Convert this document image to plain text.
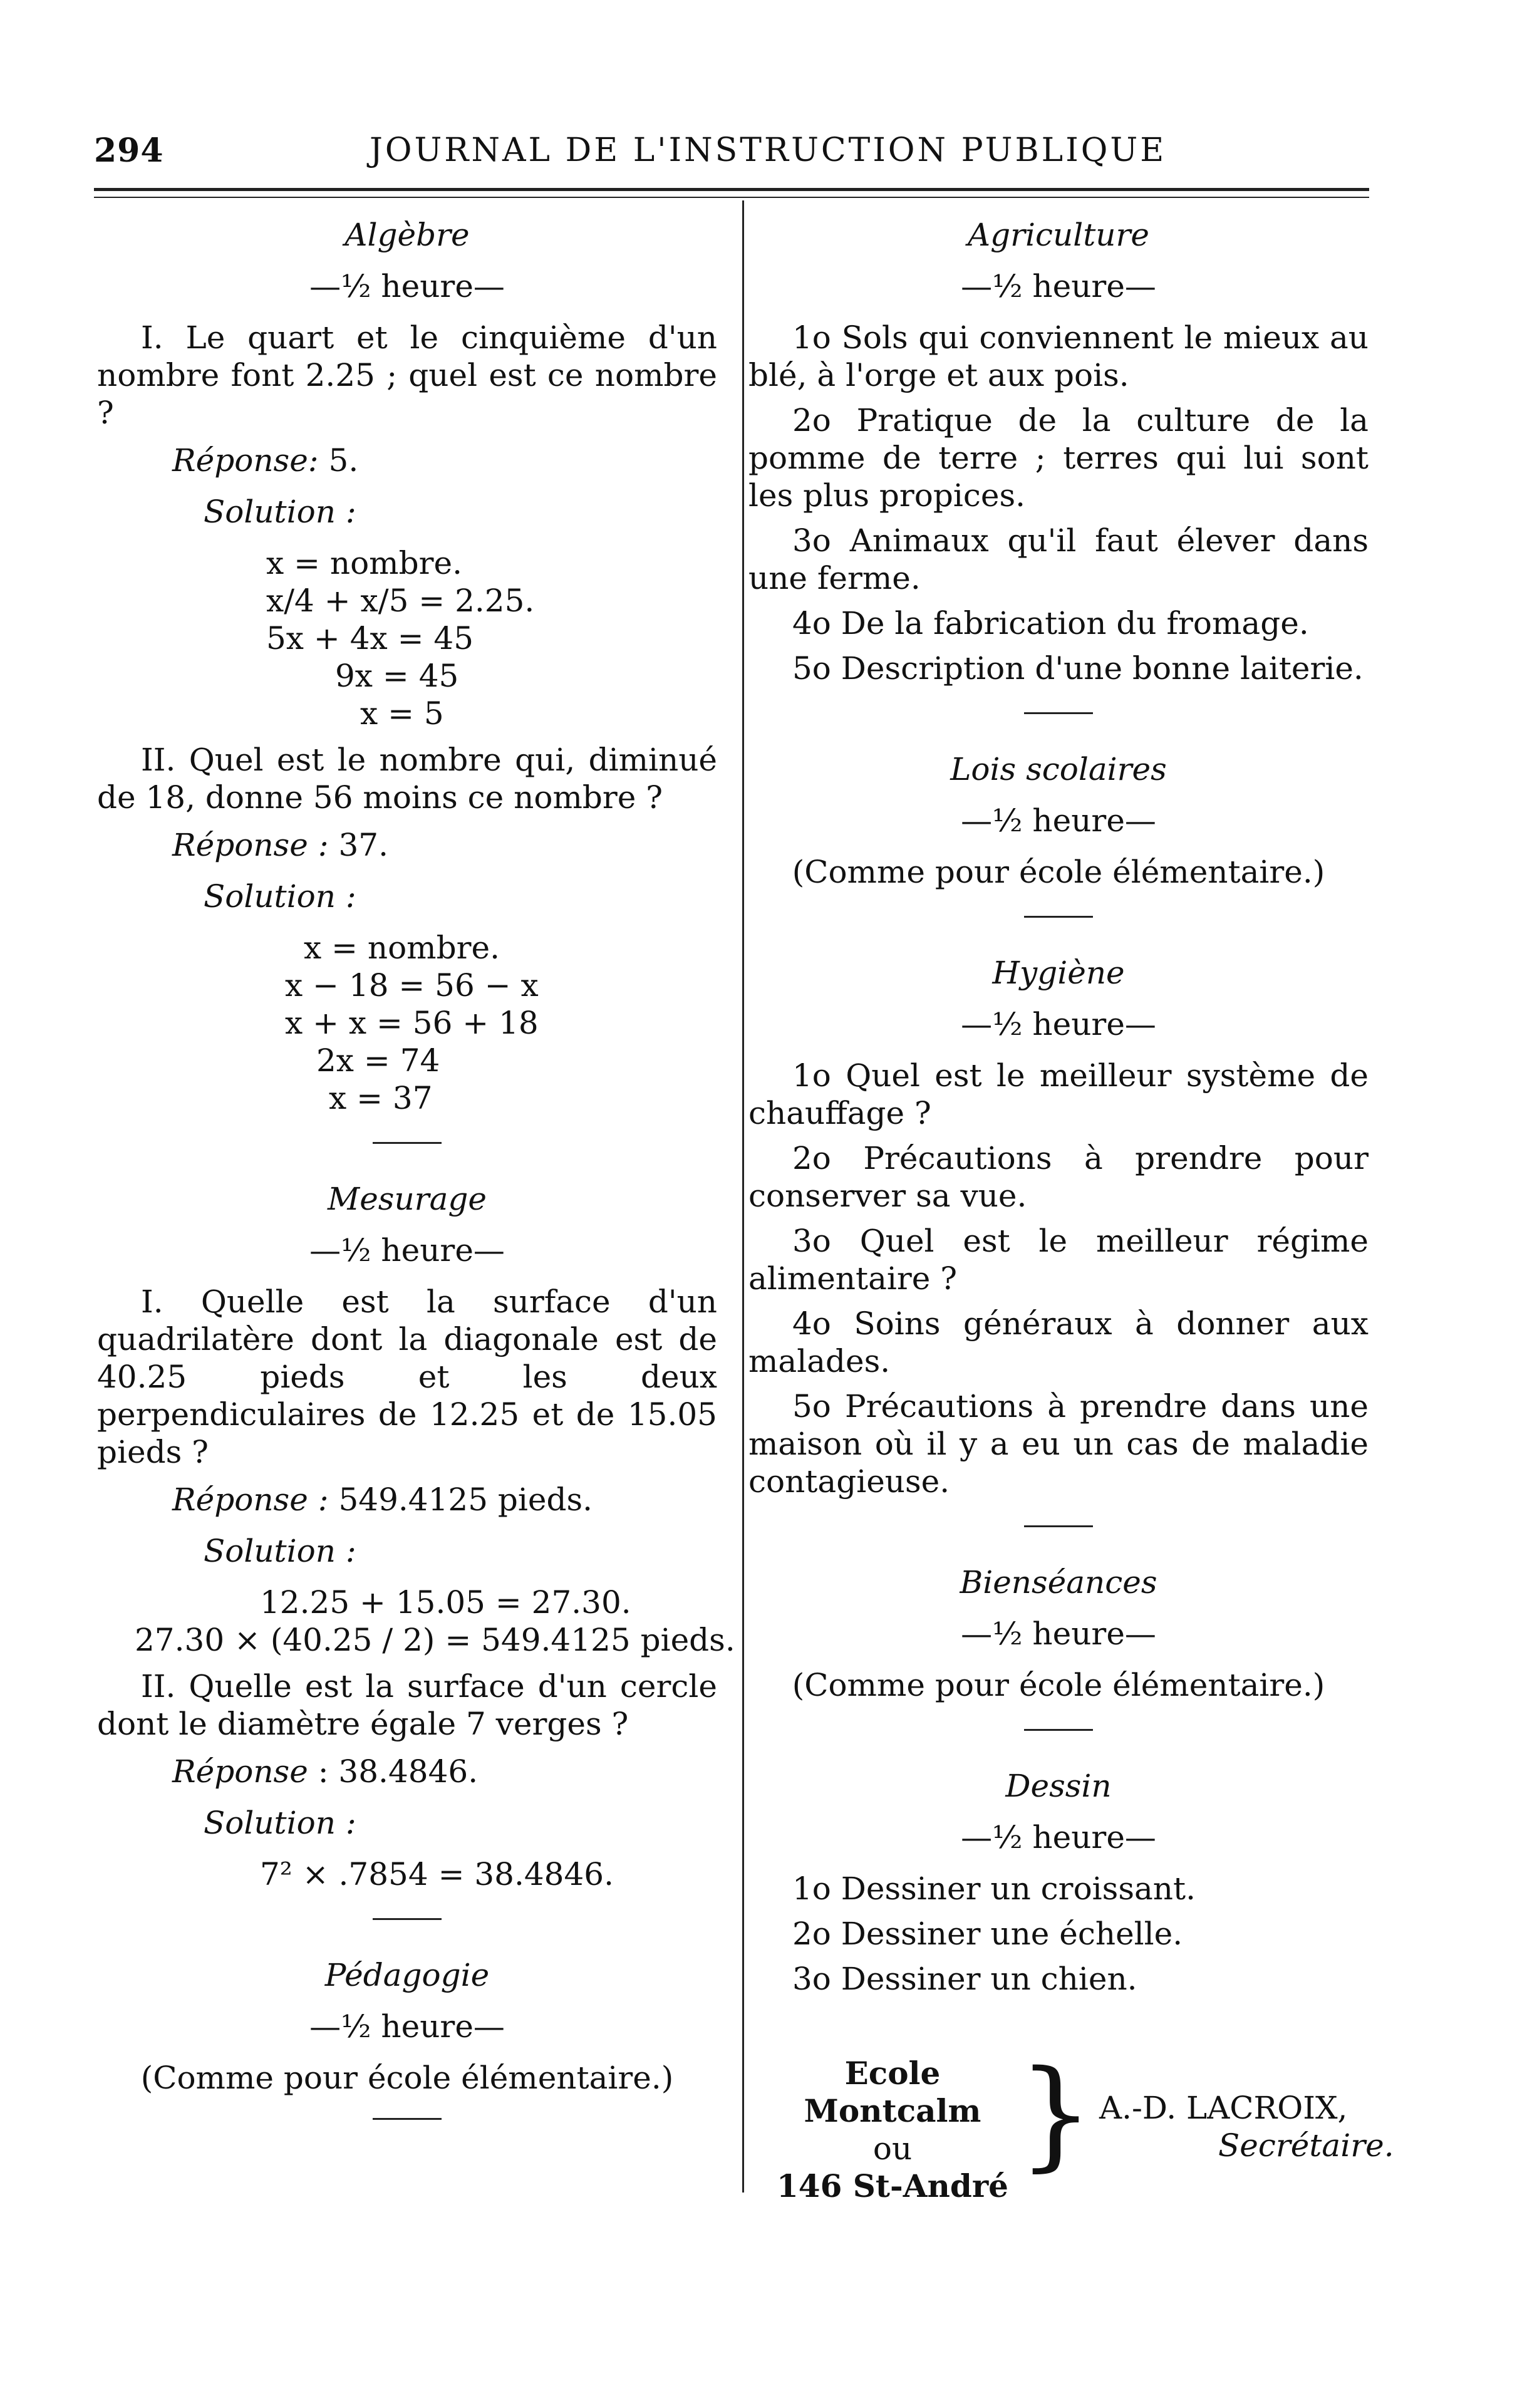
294	JOURNAL DE L'INSTRUCTION PUBLIQUE

Algèbre

—½ heure—

I. Le quart et le cinquième d'un nombre font 2.25 ; quel est ce nombre ?

Réponse: 5.

Solution :

x = nombre.
x/4 + x/5 = 2.25.
5x + 4x = 45
9x = 45
x = 5

II. Quel est le nombre qui, diminué de 18, donne 56 moins ce nombre ?

Réponse : 37.

Solution :

x = nombre.
x − 18 = 56 − x
x + x = 56 + 18
2x = 74
x = 37

Mesurage

—½ heure—

I. Quelle est la surface d'un quadrilatère dont la diagonale est de 40.25 pieds et les deux perpendiculaires de 12.25 et de 15.05 pieds ?

Réponse : 549.4125 pieds.

Solution :

12.25 + 15.05 = 27.30.
27.30 × (40.25 / 2) = 549.4125 pieds.

II. Quelle est la surface d'un cercle dont le diamètre égale 7 verges ?

Réponse : 38.4846.

Solution :

7² × .7854 = 38.4846.

Pédagogie

—½ heure—

(Comme pour école élémentaire.)

Agriculture

—½ heure—

1o Sols qui conviennent le mieux au blé, à l'orge et aux pois.

2o Pratique de la culture de la pomme de terre ; terres qui lui sont les plus propices.

3o Animaux qu'il faut élever dans une ferme.

4o De la fabrication du fromage.

5o Description d'une bonne laiterie.

Lois scolaires

—½ heure—

(Comme pour école élémentaire.)

Hygiène

—½ heure—

1o Quel est le meilleur système de chauffage ?

2o Précautions à prendre pour conserver sa vue.

3o Quel est le meilleur régime alimentaire ?

4o Soins généraux à donner aux malades.

5o Précautions à prendre dans une maison où il y a eu un cas de maladie contagieuse.

Bienséances

—½ heure—

(Comme pour école élémentaire.)

Dessin

—½ heure—

1o Dessiner un croissant.

2o Dessiner une échelle.

3o Dessiner un chien.

Ecole Montcalm
ou
146 St-André
} A.-D. LACROIX,
Secrétaire.
